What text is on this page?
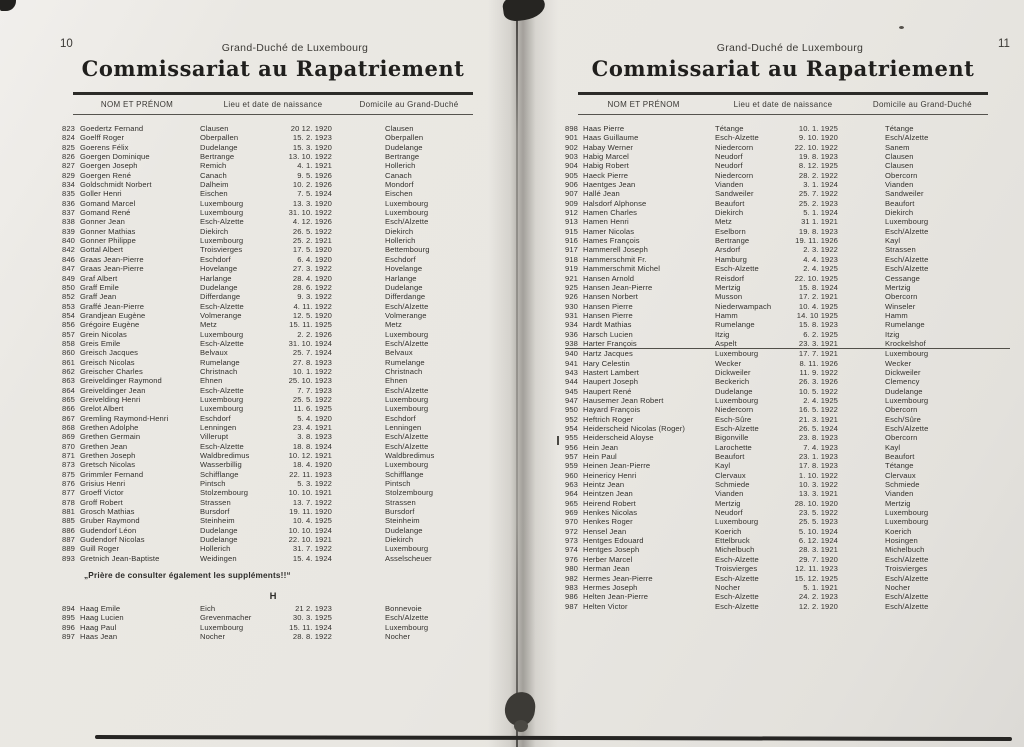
10	Grand-Duché de Luxembourg
Commissariat au Rapatriement
NOM ET PRÉNOM	Lieu et date de naissance	Domicile au Grand-Duché
823 Goedertz Fernand	Clausen	20 12. 1920	Clausen
824 Goelff Roger	Oberpallen	15. 2. 1923	Oberpallen
825 Goerens Félix	Dudelange	15. 3. 1920	Dudelange
826 Goergen Dominique	Bertrange	13. 10. 1922	Bertrange
827 Goergen Joseph	Remich	4. 1. 1921	Hollerich
829 Goergen René	Canach	9. 5. 1926	Canach
834 Goldschmidt Norbert	Dalheim	10. 2. 1926	Mondorf
835 Goller Henri	Eischen	7. 5. 1924	Eischen
836 Gomand Marcel	Luxembourg	13. 3. 1920	Luxembourg
837 Gomand René	Luxembourg	31. 10. 1922	Luxembourg
838 Gonner Jean	Esch-Alzette	4. 12. 1926	Esch/Alzette
839 Gonner Mathias	Diekirch	26. 5. 1922	Diekirch
840 Gonner Philippe	Luxembourg	25. 2. 1921	Hollerich
842 Gottal Albert	Troisvierges	17. 5. 1920	Bettembourg
846 Graas Jean-Pierre	Eschdorf	6. 4. 1920	Eschdorf
847 Graas Jean-Pierre	Hovelange	27. 3. 1922	Hovelange
849 Graf Albert	Harlange	28. 4. 1920	Harlange
850 Graff Emile	Dudelange	28. 6. 1922	Dudelange
852 Graff Jean	Differdange	9. 3. 1922	Differdange
853 Graffé Jean-Pierre	Esch-Alzette	4. 11. 1922	Esch/Alzette
854 Grandjean Eugène	Volmerange	12. 5. 1920	Volmerange
856 Grégoire Eugène	Metz	15. 11. 1925	Metz
857 Grein Nicolas	Luxembourg	2. 2. 1926	Luxembourg
858 Greis Emile	Esch-Alzette	31. 10. 1924	Esch/Alzette
860 Greisch Jacques	Belvaux	25. 7. 1924	Belvaux
861 Greisch Nicolas	Rumelange	27. 8. 1923	Rumelange
862 Greischer Charles	Christnach	10. 1. 1922	Christnach
863 Greiveldinger Raymond	Ehnen	25. 10. 1923	Ehnen
864 Greiveldinger Jean	Esch-Alzette	7. 7. 1923	Esch/Alzette
865 Greivelding Henri	Luxembourg	25. 5. 1922	Luxembourg
866 Grelot Albert	Luxembourg	11. 6. 1925	Luxembourg
867 Gremling Raymond-Henri	Eschdorf	5. 4. 1920	Eschdorf
868 Grethen Adolphe	Lenningen	23. 4. 1921	Lenningen
869 Grethen Germain	Villerupt	3. 8. 1923	Esch/Alzette
870 Grethen Jean	Esch-Alzette	18. 8. 1924	Esch/Alzette
871 Grethen Joseph	Waldbredimus	10. 12. 1921	Waldbredimus
873 Gretsch Nicolas	Wasserbillig	18. 4. 1920	Luxembourg
875 Grimmler Fernand	Schifflange	22. 11. 1923	Schifflange
876 Grisius Henri	Pintsch	5. 3. 1922	Pintsch
877 Groeff Victor	Stolzembourg	10. 10. 1921	Stolzembourg
878 Groff Robert	Strassen	13. 7. 1922	Strassen
881 Grosch Mathias	Bursdorf	19. 11. 1920	Bursdorf
885 Gruber Raymond	Steinheim	10. 4. 1925	Steinheim
886 Gudendorf Léon	Dudelange	10. 10. 1924	Dudelange
887 Gudendorf Nicolas	Dudelange	22. 10. 1921	Diekirch
889 Guill Roger	Hollerich	31. 7. 1922	Luxembourg
893 Gretnich Jean-Baptiste	Weidingen	15. 4. 1924	Asselscheuer
„Prière de consulter également les suppléments!!“
H
894 Haag Emile	Eich	21 2. 1923	Bonnevoie
895 Haag Lucien	Grevenmacher	30. 3. 1925	Esch/Alzette
896 Haag Paul	Luxembourg	15. 11. 1924	Luxembourg
897 Haas Jean	Nocher	28. 8. 1922	Nocher
Grand-Duché de Luxembourg	11
Commissariat au Rapatriement
NOM ET PRÉNOM	Lieu et date de naissance	Domicile au Grand-Duché
898 Haas Pierre	Tétange	10. 1. 1925	Tétange
901 Haas Guillaume	Esch-Alzette	9. 10. 1920	Esch/Alzette
902 Habay Werner	Niedercorn	22. 10. 1922	Sanem
903 Habig Marcel	Neudorf	19. 8. 1923	Clausen
904 Habig Robert	Neudorf	8. 12. 1925	Clausen
905 Haeck Pierre	Niedercorn	28. 2. 1922	Obercorn
906 Haentges Jean	Vianden	3. 1. 1924	Vianden
907 Hallé Jean	Sandweiler	25. 7. 1922	Sandweiler
909 Halsdorf Alphonse	Beaufort	25. 2. 1923	Beaufort
912 Hamen Charles	Diekirch	5. 1. 1924	Diekirch
913 Hamen Henri	Metz	31 1. 1921	Luxembourg
915 Hamer Nicolas	Eselborn	19. 8. 1923	Esch/Alzette
916 Hames François	Bertrange	19. 11. 1926	Kayl
917 Hammerell Joseph	Arsdorf	2. 3. 1922	Strassen
918 Hammerschmit Fr.	Hamburg	4. 4. 1923	Esch/Alzette
919 Hammerschmit Michel	Esch-Alzette	2. 4. 1925	Esch/Alzette
921 Hansen Arnold	Reisdorf	22. 10. 1925	Cessange
925 Hansen Jean-Pierre	Mertzig	15. 8. 1924	Mertzig
926 Hansen Norbert	Musson	17. 2. 1921	Obercorn
930 Hansen Pierre	Niederwampach	10. 4. 1925	Winseler
931 Hansen Pierre	Hamm	14. 10 1925	Hamm
934 Hardt Mathias	Rumelange	15. 8. 1923	Rumelange
936 Harsch Lucien	Itzig	6. 2. 1925	Itzig
938 Harter François	Aspelt	23. 3. 1921	Krockelshof
940 Hartz Jacques	Luxembourg	17. 7. 1921	Luxembourg
941 Hary Celestin	Wecker	8. 11. 1926	Wecker
943 Hastert Lambert	Dickweiler	11. 9. 1922	Dickweiler
944 Haupert Joseph	Beckerich	26. 3. 1926	Clemency
945 Haupert René	Dudelange	10. 5. 1922	Dudelange
947 Hausemer Jean Robert	Luxembourg	2. 4. 1925	Luxembourg
950 Hayard François	Niedercorn	16. 5. 1922	Obercorn
952 Heftrich Roger	Esch-Sûre	21. 3. 1921	Esch/Sûre
954 Heiderscheid Nicolas (Roger)	Esch-Alzette	26. 5. 1924	Esch/Alzette
955 Heiderscheid Aloyse	Bigonville	23. 8. 1923	Obercorn
956 Hein Jean	Larochette	7. 4. 1923	Kayl
957 Hein Paul	Beaufort	23. 1. 1923	Beaufort
959 Heinen Jean-Pierre	Kayl	17. 8. 1923	Tétange
960 Heinericy Henri	Clervaux	1. 10. 1922	Clervaux
963 Heintz Jean	Schmiede	10. 3. 1922	Schmiede
964 Heintzen Jean	Vianden	13. 3. 1921	Vianden
965 Heirend Robert	Mertzig	28. 10. 1920	Mertzig
969 Henkes Nicolas	Neudorf	23. 5. 1922	Luxembourg
970 Henkes Roger	Luxembourg	25. 5. 1923	Luxembourg
972 Hensel Jean	Koerich	5. 10. 1924	Koerich
973 Hentges Edouard	Ettelbruck	6. 12. 1924	Hosingen
974 Hentges Joseph	Michelbuch	28. 3. 1921	Michelbuch
976 Herber Marcel	Esch-Alzette	29. 7. 1920	Esch/Alzette
980 Herman Jean	Troisvierges	12. 11. 1923	Troisvierges
982 Hermes Jean-Pierre	Esch-Alzette	15. 12. 1925	Esch/Alzette
983 Hermes Joseph	Nocher	5. 1. 1921	Nocher
986 Helten Jean-Pierre	Esch-Alzette	24. 2. 1923	Esch/Alzette
987 Helten Victor	Esch-Alzette	12. 2. 1920	Esch/Alzette
